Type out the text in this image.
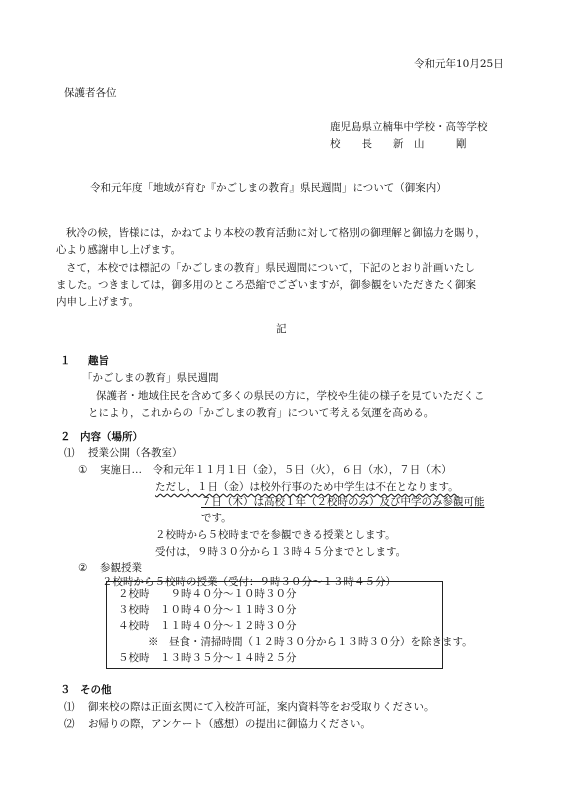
令和元年10月25日
保護者各位
鹿児島県立楠隼中学校・高等学校
校　　長　　新　山　　　剛
令和元年度「地域が育む『かごしまの教育』県民週間」について（御案内）
秋冷の候，皆様には，かねてより本校の教育活動に対して格別の御理解と御協力を賜り，
心より感謝申し上げます。
さて，本校では標記の「かごしまの教育」県民週間について，下記のとおり計画いたし
ました。つきましては，御多用のところ恐縮でございますが，御参観をいただきたく御案
内申し上げます。
記
１ 趣旨
「かごしまの教育」県民週間
保護者・地域住民を含めて多くの県民の方に，学校や生徒の様子を見ていただくこ
とにより，これからの「かごしまの教育」について考える気運を高める。
２ 内容（場所）
⑴ 授業公開（各教室）
① 実施日…　令和元年１１月１日（金），５日（火），６日（水），７日（木）
ただし，１日（金）は校外行事のため中学生は不在となります。
７日（木）は高校１年（２校時のみ）及び中学のみ参観可能
です。
２校時から５校時までを参観できる授業とします。
受付は，９時３０分から１３時４５分までとします。
② 参観授業
２校時から５校時の授業（受付：９時３０分～１３時４５分）
２校時　　９時４０分～１０時３０分
３校時　１０時４０分～１１時３０分
４校時　１１時４０分～１２時３０分
※　昼食・清掃時間（１２時３０分から１３時３０分）を除きます。
５校時　１３時３５分～１４時２５分
３ その他
⑴ 御来校の際は正面玄関にて入校許可証，案内資料等をお受取りください。
⑵ お帰りの際，アンケート（感想）の提出に御協力ください。
